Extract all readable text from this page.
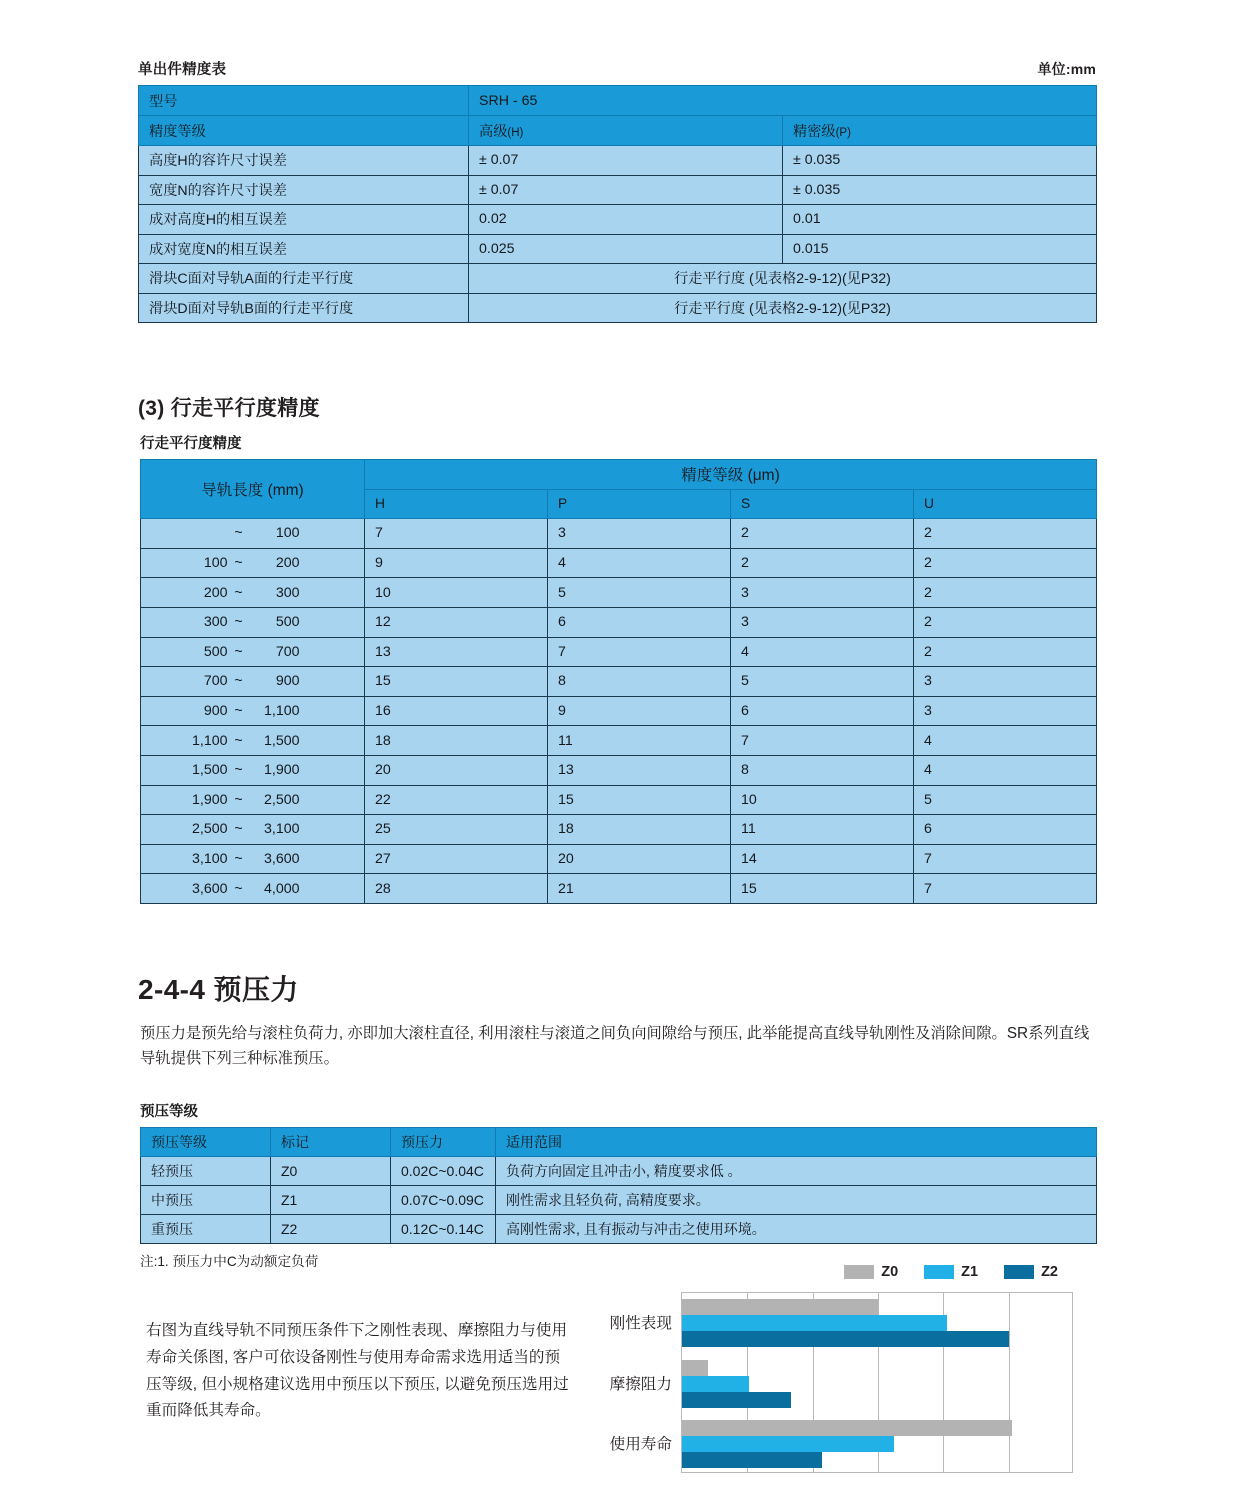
单出件精度表	单位:mm
型号	SRH - 65	
精度等级	高级(H)	精密级(P)
高度H的容许尺寸误差	± 0.07	± 0.035
宽度N的容许尺寸误差	± 0.07	± 0.035
成对高度H的相互误差	0.02	0.01
成对宽度N的相互误差	0.025	0.015
滑块C面对导轨A面的行走平行度	行走平行度 (见表格2-9-12)(见P32)	
滑块D面对导轨B面的行走平行度	行走平行度 (见表格2-9-12)(见P32)	
(3) 行走平行度精度
行走平行度精度
导轨長度 (mm)	精度等级 (μm)			
	H	P	S	U
~ 100	7	3	2	2
100 ~ 200	9	4	2	2
200 ~ 300	10	5	3	2
300 ~ 500	12	6	3	2
500 ~ 700	13	7	4	2
700 ~ 900	15	8	5	3
900 ~ 1,100	16	9	6	3
1,100 ~ 1,500	18	11	7	4
1,500 ~ 1,900	20	13	8	4
1,900 ~ 2,500	22	15	10	5
2,500 ~ 3,100	25	18	11	6
3,100 ~ 3,600	27	20	14	7
3,600 ~ 4,000	28	21	15	7
2-4-4 预压力
预压力是预先给与滚柱负荷力, 亦即加大滚柱直径, 利用滚柱与滚道之间负向间隙给与预压, 此举能提高直线导轨刚性及消除间隙。SR系列直线导轨提供下列三种标准预压。
预压等级
预压等级	标记	预压力	适用范围
轻预压	Z0	0.02C~0.04C	负荷方向固定且冲击小, 精度要求低 。
中预压	Z1	0.07C~0.09C	刚性需求且轻负荷, 高精度要求。
重预压	Z2	0.12C~0.14C	高刚性需求, 且有振动与冲击之使用环境。
注:1. 预压力中C为动额定负荷
右图为直线导轨不同预压条件下之刚性表现、摩擦阻力与使用寿命关係图, 客户可依设备刚性与使用寿命需求选用适当的预压等级, 但小规格建议选用中预压以下预压, 以避免预压选用过重而降低其寿命。
Z0	Z1	Z2
刚性表现
摩擦阻力
使用寿命
